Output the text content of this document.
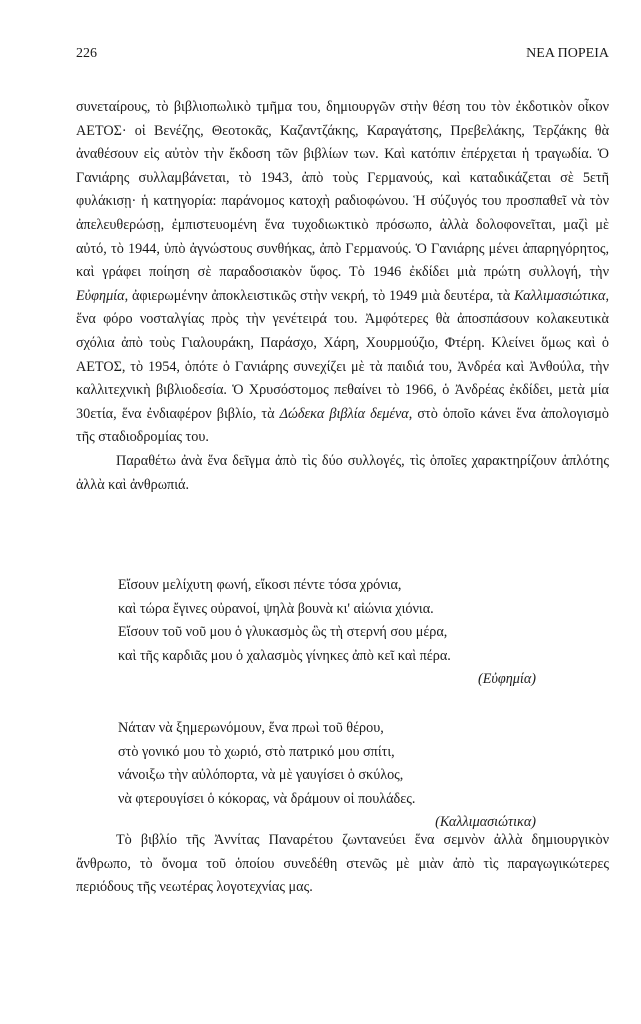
226	ΝΕΑ ΠΟΡΕΙΑ

συνεταίρους, τὸ βιβλιοπωλικὸ τμῆμα του, δημιουργῶν στὴν θέση του τὸν ἐκδοτικὸν οἶκον ΑΕΤΟΣ· οἱ Βενέζης, Θεοτοκᾶς, Καζαντζάκης, Καραγάτσης, Πρεβελάκης, Τερζάκης θὰ ἀναθέσουν εἰς αὐτὸν τὴν ἔκδοση τῶν βιβλίων των. Καὶ κατόπιν ἐπέρχεται ἡ τραγωδία. Ὁ Γανιάρης συλλαμβάνεται, τὸ 1943, ἀπὸ τοὺς Γερμανούς, καὶ καταδικάζεται σὲ 5ετῆ φυλάκισῃ· ἡ κατηγορία: παράνομος κατοχὴ ραδιοφώνου. Ἡ σύζυγός του προσπαθεῖ νὰ τὸν ἀπελευθερώσῃ, ἐμπιστευομένη ἕνα τυχοδιωκτικὸ πρόσωπο, ἀλλὰ δολοφονεῖται, μαζὶ μὲ αὐτό, τὸ 1944, ὑπὸ ἀγνώστους συνθήκας, ἀπὸ Γερμανούς. Ὁ Γανιάρης μένει ἀπαρηγόρητος, καὶ γράφει ποίηση σὲ παραδοσιακὸν ὕφος. Τὸ 1946 ἐκδίδει μιὰ πρώτη συλλογή, τὴν Εὐφημία, ἀφιερωμένην ἀποκλειστικῶς στὴν νεκρή, τὸ 1949 μιὰ δευτέρα, τὰ Καλλιμασιώτικα, ἕνα φόρο νοσταλγίας πρὸς τὴν γενέτειρά του. Ἀμφότερες θὰ ἀποσπάσουν κολακευτικὰ σχόλια ἀπὸ τοὺς Γιαλουράκη, Παράσχο, Χάρη, Χουρμούζιο, Φτέρη. Κλείνει ὅμως καὶ ὁ ΑΕΤΟΣ, τὸ 1954, ὁπότε ὁ Γανιάρης συνεχίζει μὲ τὰ παιδιά του, Ἀνδρέα καὶ Ἀνθούλα, τὴν καλλιτεχνικὴ βιβλιοδεσία. Ὁ Χρυσόστομος πεθαίνει τὸ 1966, ὁ Ἀνδρέας ἐκδίδει, μετὰ μία 30ετία, ἕνα ἐνδιαφέρον βιβλίο, τὰ Δώδεκα βιβλία δεμένα, στὸ ὁποῖο κάνει ἕνα ἀπολογισμὸ τῆς σταδιοδρομίας του.

Παραθέτω ἀνὰ ἕνα δεῖγμα ἀπὸ τὶς δύο συλλογές, τὶς ὁποῖες χαρακτηρίζουν ἁπλότης ἀλλὰ καὶ ἀνθρωπιά.

Εἴσουν μελίχυτη φωνή, εἴκοσι πέντε τόσα χρόνια,
καὶ τώρα ἔγινες οὐρανοί, ψηλὰ βουνὰ κι' αἰώνια χιόνια.
Εἴσουν τοῦ νοῦ μου ὁ γλυκασμὸς ὣς τὴ στερνή σου μέρα,
καὶ τῆς καρδιᾶς μου ὁ χαλασμὸς γίνηκες ἀπὸ κεῖ καὶ πέρα.
(Εὐφημία)
Νάταν νὰ ξημερωνόμουν, ἕνα πρωὶ τοῦ θέρου,
στὸ γονικό μου τὸ χωριό, στὸ πατρικό μου σπίτι,
νάνοιξω τὴν αὐλόπορτα, νὰ μὲ γαυγίσει ὁ σκύλος,
νὰ φτερουγίσει ὁ κόκορας, νὰ δράμουν οἱ πουλάδες.
(Καλλιμασιώτικα)

Τὸ βιβλίο τῆς Ἀννίτας Παναρέτου ζωντανεύει ἕνα σεμνὸν ἀλλὰ δημιουργικὸν ἄνθρωπο, τὸ ὄνομα τοῦ ὁποίου συνεδέθη στενῶς μὲ μιὰν ἀπὸ τὶς παραγωγικώτερες περιόδους τῆς νεωτέρας λογοτεχνίας μας.
